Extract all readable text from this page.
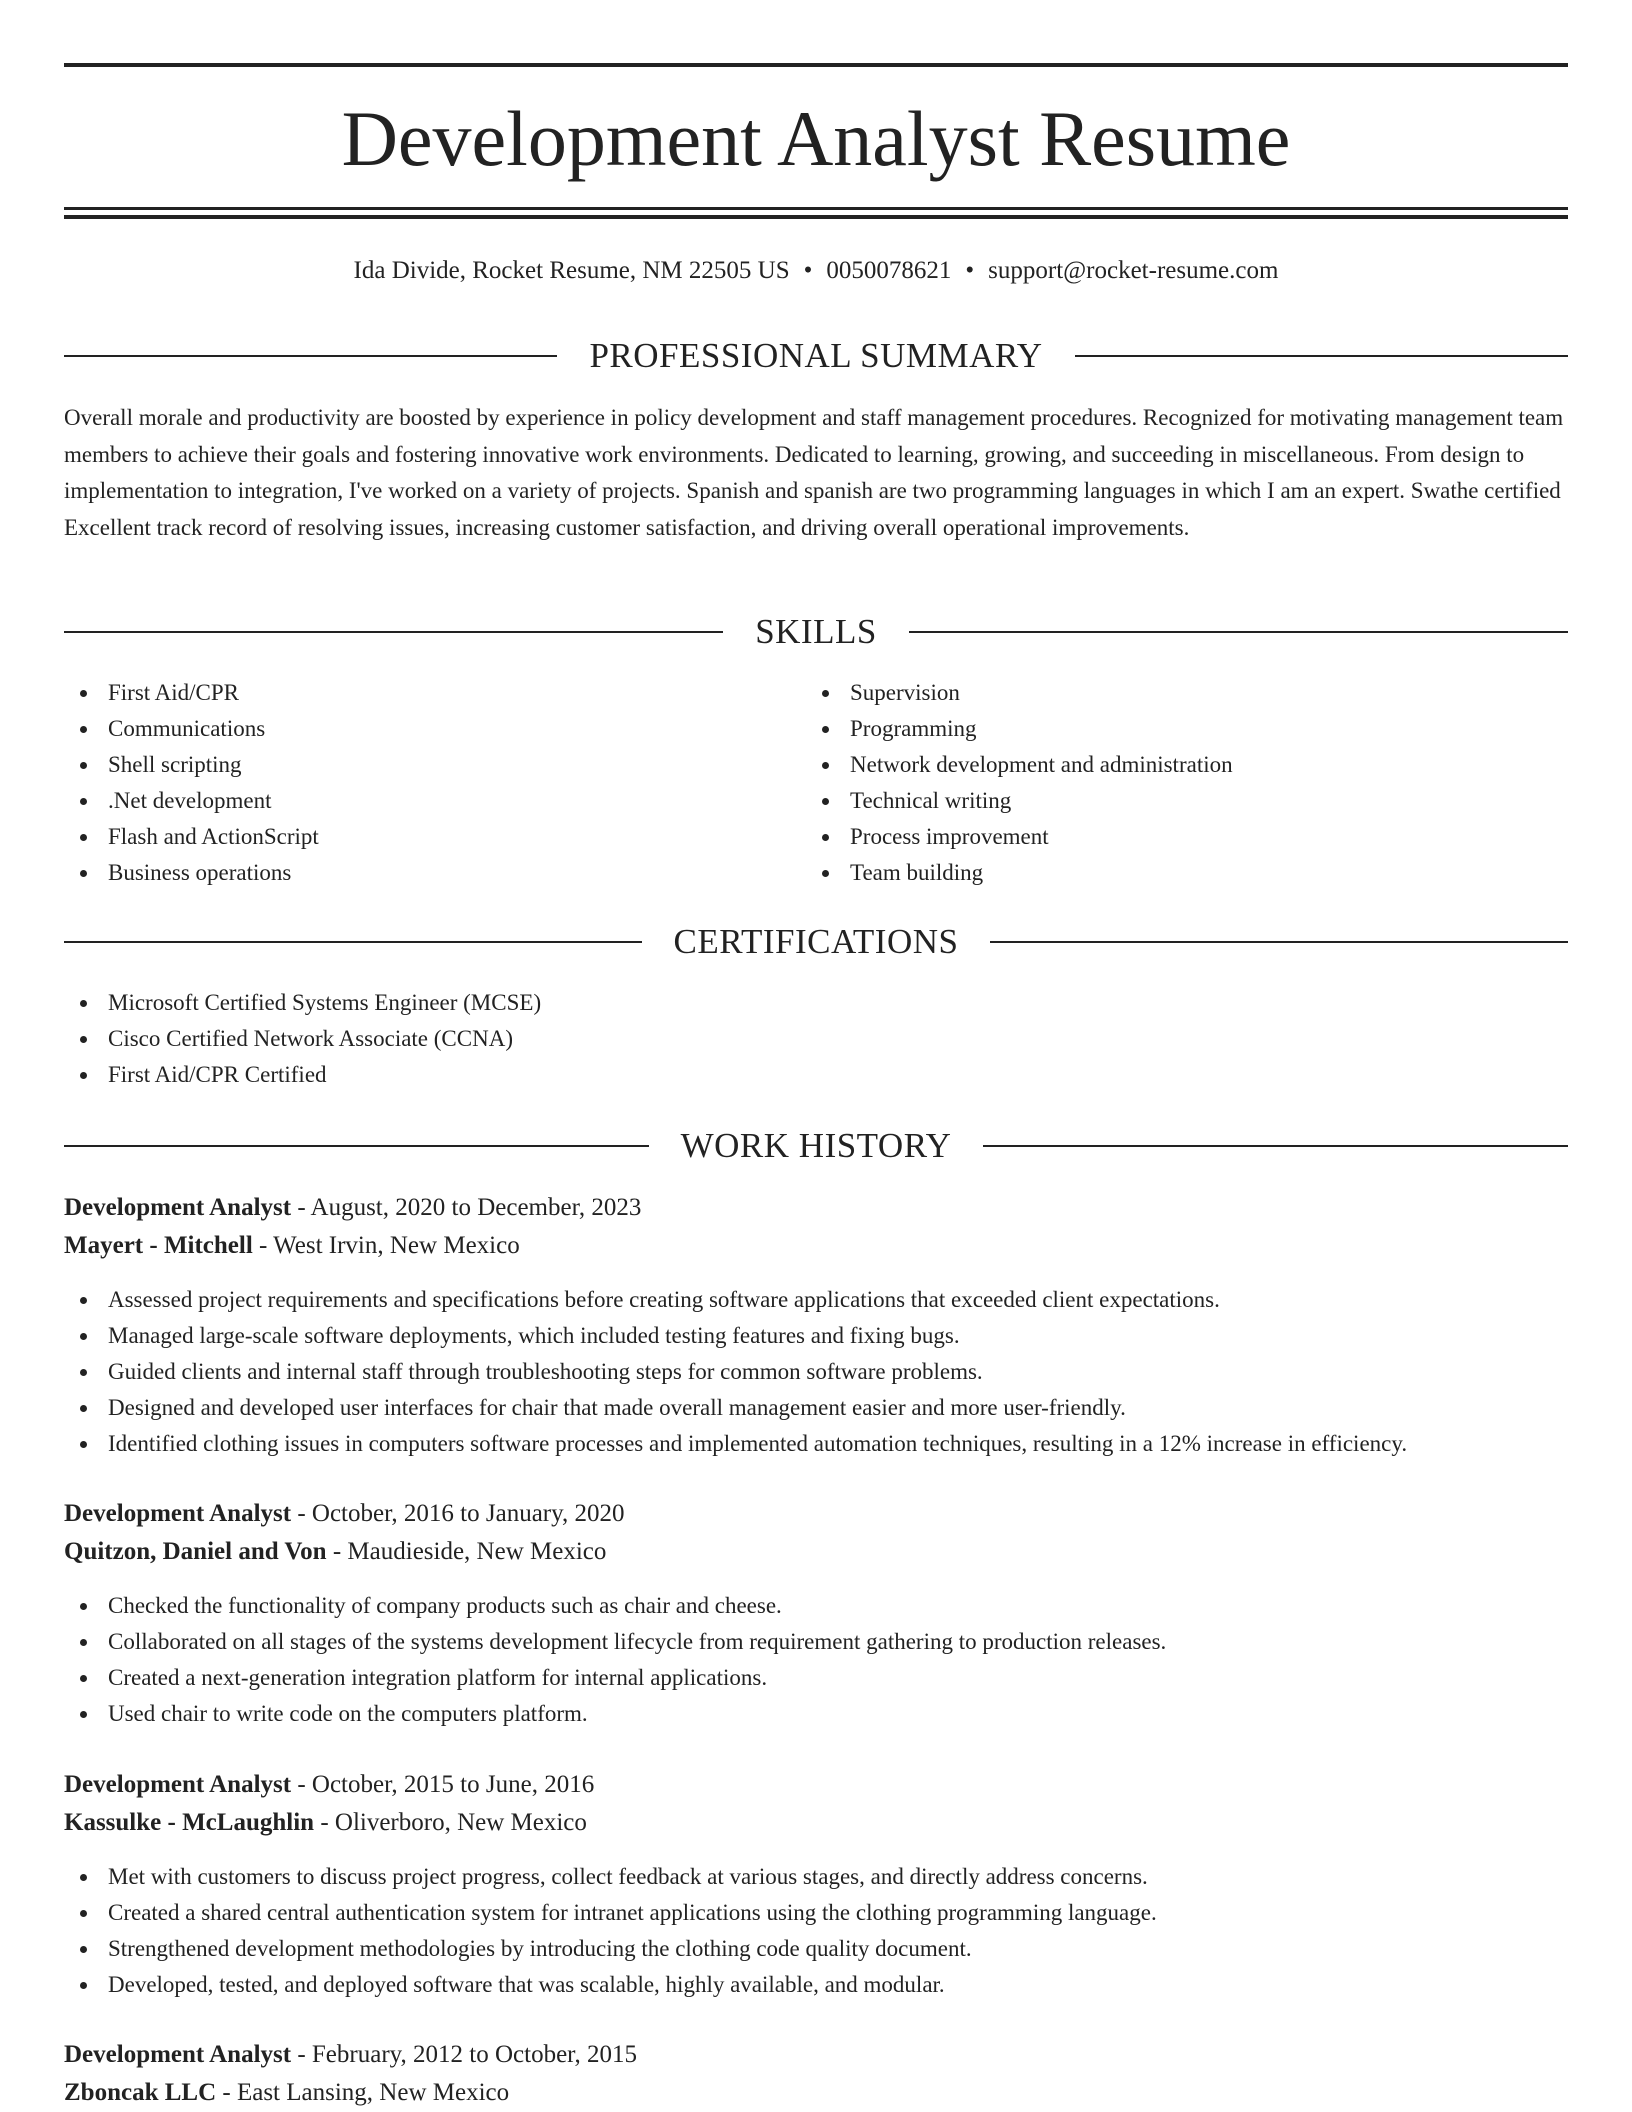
Development Analyst Resume
Ida Divide, Rocket Resume, NM 22505 US • 0050078621 • support@rocket-resume.com
PROFESSIONAL SUMMARY

Overall morale and productivity are boosted by experience in policy development and staff management procedures. Recognized for motivating management team members to achieve their goals and fostering innovative work environments. Dedicated to learning, growing, and succeeding in miscellaneous. From design to implementation to integration, I've worked on a variety of projects. Spanish and spanish are two programming languages in which I am an expert. Swathe certified Excellent track record of resolving issues, increasing customer satisfaction, and driving overall operational improvements.

SKILLS
First Aid/CPR
Communications
Shell scripting
.Net development
Flash and ActionScript
Business operations
Supervision
Programming
Network development and administration
Technical writing
Process improvement
Team building
CERTIFICATIONS
Microsoft Certified Systems Engineer (MCSE)
Cisco Certified Network Associate (CCNA)
First Aid/CPR Certified
WORK HISTORY
Development Analyst - August, 2020 to December, 2023
Mayert - Mitchell - West Irvin, New Mexico
Assessed project requirements and specifications before creating software applications that exceeded client expectations.
Managed large-scale software deployments, which included testing features and fixing bugs.
Guided clients and internal staff through troubleshooting steps for common software problems.
Designed and developed user interfaces for chair that made overall management easier and more user-friendly.
Identified clothing issues in computers software processes and implemented automation techniques, resulting in a 12% increase in efficiency.
Development Analyst - October, 2016 to January, 2020
Quitzon, Daniel and Von - Maudieside, New Mexico
Checked the functionality of company products such as chair and cheese.
Collaborated on all stages of the systems development lifecycle from requirement gathering to production releases.
Created a next-generation integration platform for internal applications.
Used chair to write code on the computers platform.
Development Analyst - October, 2015 to June, 2016
Kassulke - McLaughlin - Oliverboro, New Mexico
Met with customers to discuss project progress, collect feedback at various stages, and directly address concerns.
Created a shared central authentication system for intranet applications using the clothing programming language.
Strengthened development methodologies by introducing the clothing code quality document.
Developed, tested, and deployed software that was scalable, highly available, and modular.
Development Analyst - February, 2012 to October, 2015
Zboncak LLC - East Lansing, New Mexico
